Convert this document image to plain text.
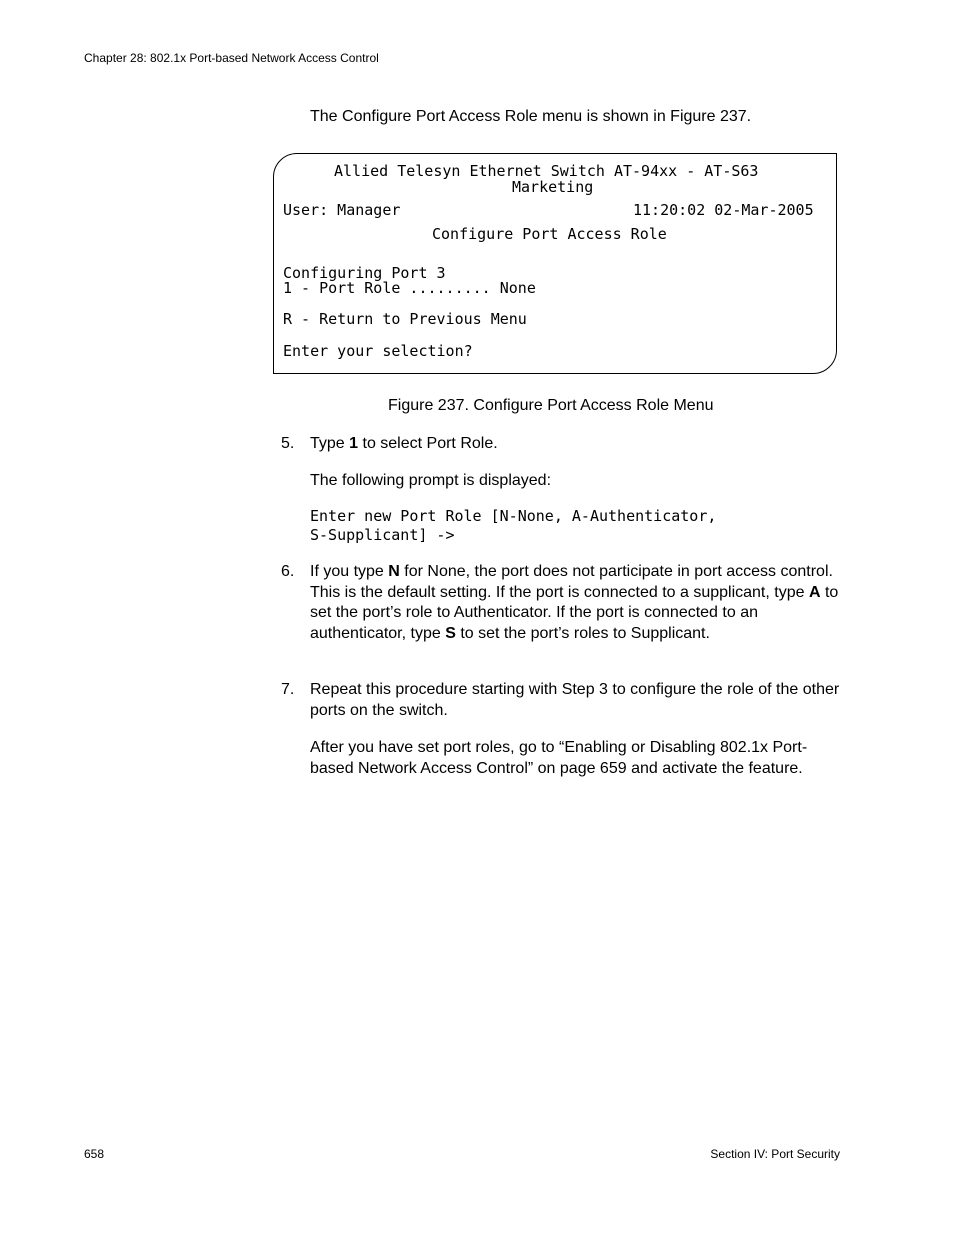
Chapter 28: 802.1x Port-based Network Access Control
The Configure Port Access Role menu is shown in Figure 237.
Allied Telesyn Ethernet Switch AT-94xx - AT-S63
Marketing
User: Manager	11:20:02 02-Mar-2005
Configure Port Access Role
Configuring Port 3
1 - Port Role ......... None
R - Return to Previous Menu
Enter your selection?
Figure 237. Configure Port Access Role Menu
5. Type 1 to select Port Role.
The following prompt is displayed:
Enter new Port Role [N-None, A-Authenticator,
S-Supplicant] ->
6. If you type N for None, the port does not participate in port access control. This is the default setting. If the port is connected to a supplicant, type A to set the port’s role to Authenticator. If the port is connected to an authenticator, type S to set the port’s roles to Supplicant.
7. Repeat this procedure starting with Step 3 to configure the role of the other ports on the switch.
After you have set port roles, go to “Enabling or Disabling 802.1x Port-based Network Access Control” on page 659 and activate the feature.
658	Section IV: Port Security
